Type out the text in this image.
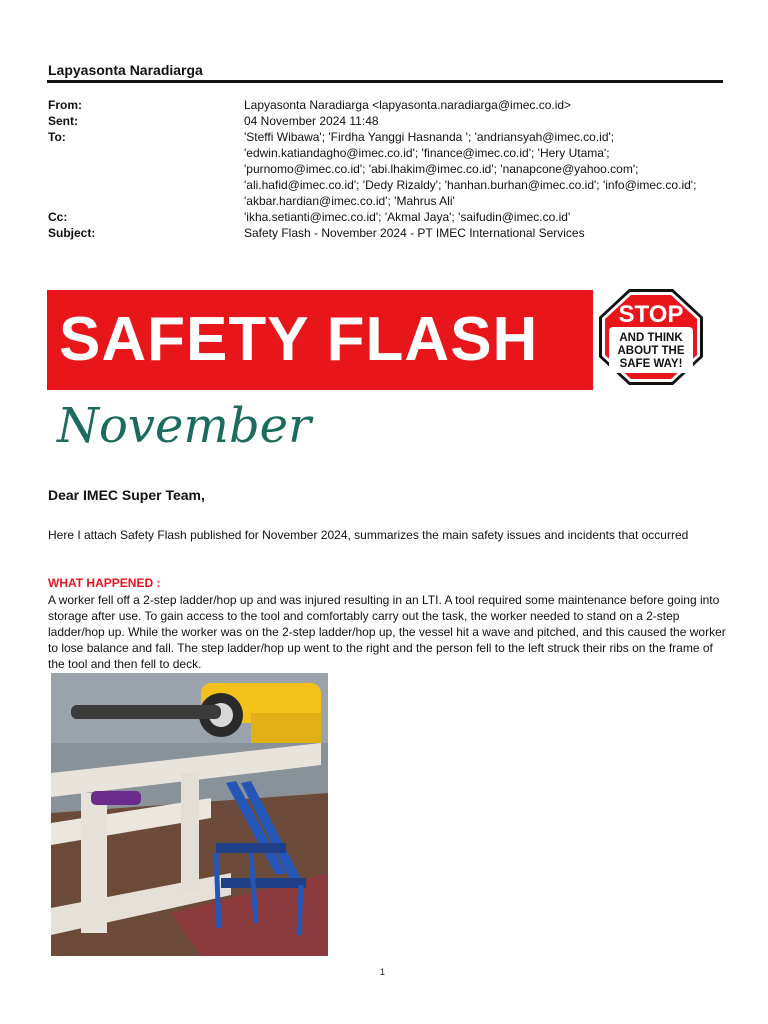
Lapyasonta Naradiarga
From:	Lapyasonta Naradiarga <lapyasonta.naradiarga@imec.co.id>
Sent:	04 November 2024 11:48
To:	'Steffi Wibawa'; 'Firdha Yanggi Hasnanda '; 'andriansyah@imec.co.id';
'edwin.katiandagho@imec.co.id'; 'finance@imec.co.id'; 'Hery Utama';
'purnomo@imec.co.id'; 'abi.lhakim@imec.co.id'; 'nanapcone@yahoo.com';
'ali.hafid@imec.co.id'; 'Dedy Rizaldy'; 'hanhan.burhan@imec.co.id'; 'info@imec.co.id';
'akbar.hardian@imec.co.id'; 'Mahrus Ali'
Cc:	'ikha.setianti@imec.co.id'; 'Akmal Jaya'; 'saifudin@imec.co.id'
Subject:	Safety Flash - November 2024 - PT IMEC International Services
SAFETY FLASH	STOP
AND THINK
ABOUT THE
SAFE WAY!
November
Dear IMEC Super Team,
Here I attach Safety Flash published for November 2024, summarizes the main safety issues and incidents that occurred
WHAT HAPPENED :
A worker fell off a 2-step ladder/hop up and was injured resulting in an LTI. A tool required some maintenance before going into storage after use. To gain access to the tool and comfortably carry out the task, the worker needed to stand on a 2-step ladder/hop up. While the worker was on the 2-step ladder/hop up, the vessel hit a wave and pitched, and this caused the worker to lose balance and fall. The step ladder/hop up went to the right and the person fell to the left struck their ribs on the frame of the tool and then fell to deck.
1
